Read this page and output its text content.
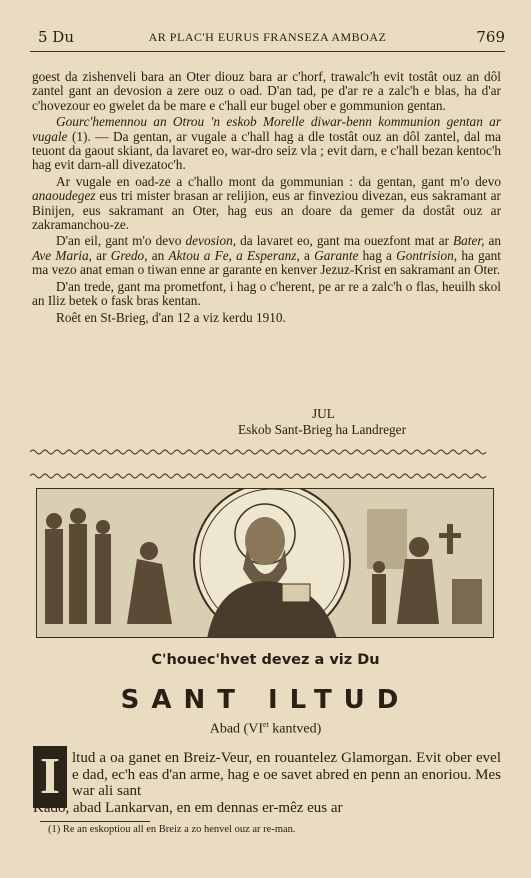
5 Du	AR PLAC'H EURUS FRANSEZA AMBOAZ	769

goest da zishenveli bara an Oter diouz bara ar c'horf, trawalc'h evit tostât ouz an dôl zantel gant an devosion a zere ouz o oad. D'an tad, pe d'ar re a zalc'h e blas, ha d'ar c'hovezour eo gwelet da be mare e c'hall eur bugel ober e gommunion gentan.

Gourc'hemennou an Otrou 'n eskob Morelle diwar-benn kommunion gentan ar vugale (1). — Da gentan, ar vugale a c'hall hag a dle tostât ouz an dôl zantel, dal ma teuont da gaout skiant, da lavaret eo, war-dro seiz vla ; evit darn, e c'hall bezan kentoc'h hag evit darn-all divezatoc'h.

Ar vugale en oad-ze a c'hallo mont da gommunian : da gentan, gant m'o devo anaoudegez eus tri mister brasan ar relijion, eus ar finveziou divezan, eus sakramant ar Binijen, eus sakramant an Oter, hag eus an doare da gemer da dostât ouz ar zakramanchou-ze.

D'an eil, gant m'o devo devosion, da lavaret eo, gant ma ouezfont mat ar Bater, an Ave Maria, ar Gredo, an Aktou a Fe, a Esperanz, a Garante hag a Gontrision, ha gant ma vezo anat eman o tiwan enne ar garante en kenver Jezuz-Krist en sakramant an Oter.

D'an trede, gant ma prometfont, i hag o c'herent, pe ar re a zalc'h o flas, heuilh skol an Iliz betek o fask bras kentan.

Roêt en St-Brieg, d'an 12 a viz kerdu 1910.

JUL
Eskob Sant-Brieg ha Landreger
C'houec'hvet devez a viz Du
SANT ILTUD
Abad ($VI^{et}$ kantved)
I ltud a oa ganet en Breiz-Veur, en rouantelez Glamorgan. Evit ober evel e dad, ec'h eas d'an arme, hag e oe savet abred en penn an enoriou. Mes war ali sant
Kado, abad Lankarvan, en em dennas er-mêz eus ar
(1) Re an eskoptiou all en Breiz a zo henvel ouz ar re-man.
